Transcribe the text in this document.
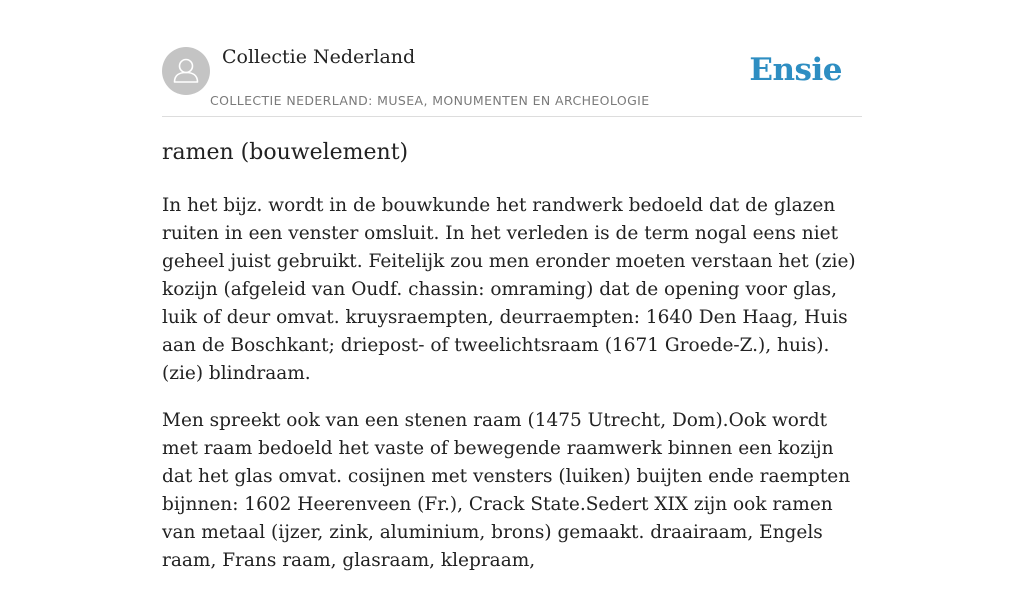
Collectie Nederland
COLLECTIE NEDERLAND: MUSEA, MONUMENTEN EN ARCHEOLOGIE
Ensie
ramen (bouwelement)

In het bijz. wordt in de bouwkunde het randwerk bedoeld dat de glazen ruiten in een venster omsluit. In het verleden is de term nogal eens niet geheel juist gebruikt. Feitelijk zou men eronder moeten verstaan het (zie) kozijn (afgeleid van Oudf. chassin: omraming) dat de opening voor glas, luik of deur omvat. kruysraempten, deurraempten: 1640 Den Haag, Huis aan de Boschkant; driepost- of tweelichtsraam (1671 Groede-Z.), huis). (zie) blindraam.

Men spreekt ook van een stenen raam (1475 Utrecht, Dom).Ook wordt met raam bedoeld het vaste of bewegende raamwerk binnen een kozijn dat het glas omvat. cosijnen met vensters (luiken) buijten ende raempten bijnnen: 1602 Heerenveen (Fr.), Crack State.Sedert XIX zijn ook ramen van metaal (ijzer, zink, aluminium, brons) gemaakt. draairaam, Engels raam, Frans raam, glasraam, klepraam,
